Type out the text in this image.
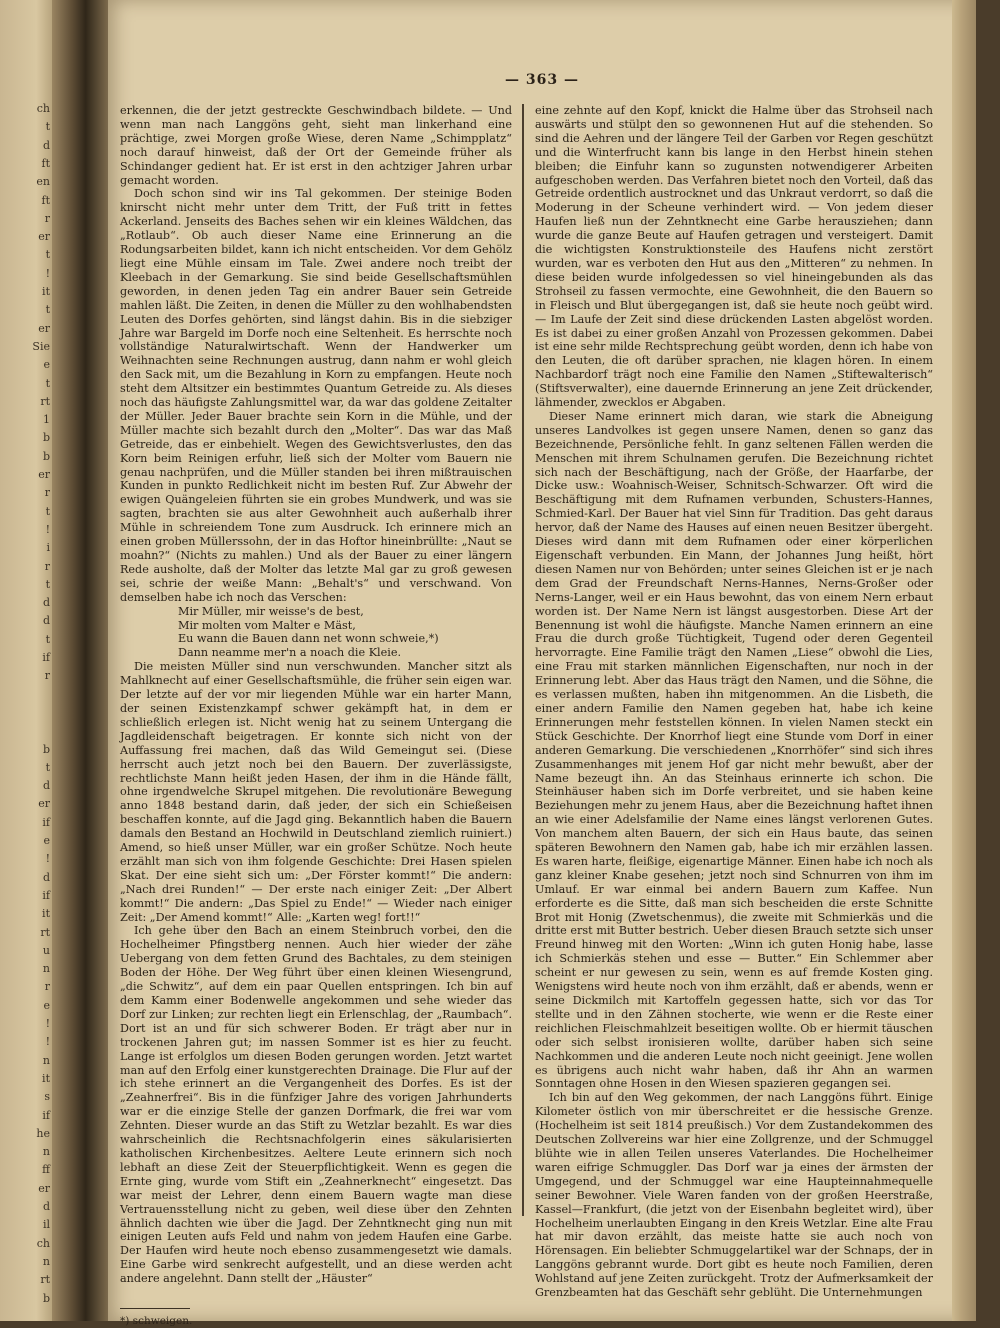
ch
t
d
ft
en
ft
r
er
t
!
it
t
er
Sie
e
t
rt
1
b
b
er
r
t
!
i
r
t
d
d
t
if
r
b
t
d
er
if
e
!
d
if
it
rt
u
n
r
e
!
!
n
it
s
if
he
n
ff
er
d
il
ch
n
rt
b
— 363 —

erkennen, die der jetzt gestreckte Geschwindbach bildete. — Und wenn man nach Langgöns geht, sieht man linkerhand eine prächtige, zwei Morgen große Wiese, deren Name „Schimpplatz“ noch darauf hinweist, daß der Ort der Gemeinde früher als Schindanger gedient hat. Er ist erst in den achtziger Jahren urbar gemacht worden.

Doch schon sind wir ins Tal gekommen. Der steinige Boden knirscht nicht mehr unter dem Tritt, der Fuß tritt in fettes Ackerland. Jenseits des Baches sehen wir ein kleines Wäldchen, das „Rotlaub“. Ob auch dieser Name eine Erinnerung an die Rodungsarbeiten bildet, kann ich nicht entscheiden. Vor dem Gehölz liegt eine Mühle einsam im Tale. Zwei andere noch treibt der Kleebach in der Gemarkung. Sie sind beide Gesellschaftsmühlen geworden, in denen jeden Tag ein andrer Bauer sein Getreide mahlen läßt. Die Zeiten, in denen die Müller zu den wohlhabendsten Leuten des Dorfes gehörten, sind längst dahin. Bis in die siebziger Jahre war Bargeld im Dorfe noch eine Seltenheit. Es herrschte noch vollständige Naturalwirtschaft. Wenn der Handwerker um Weihnachten seine Rechnungen austrug, dann nahm er wohl gleich den Sack mit, um die Bezahlung in Korn zu empfangen. Heute noch steht dem Altsitzer ein bestimmtes Quantum Getreide zu. Als dieses noch das häufigste Zahlungsmittel war, da war das goldene Zeitalter der Müller. Jeder Bauer brachte sein Korn in die Mühle, und der Müller machte sich bezahlt durch den „Molter“. Das war das Maß Getreide, das er einbehielt. Wegen des Gewichtsverlustes, den das Korn beim Reinigen erfuhr, ließ sich der Molter vom Bauern nie genau nachprüfen, und die Müller standen bei ihren mißtrauischen Kunden in punkto Redlichkeit nicht im besten Ruf. Zur Abwehr der ewigen Quängeleien führten sie ein grobes Mundwerk, und was sie sagten, brachten sie aus alter Gewohnheit auch außerhalb ihrer Mühle in schreiendem Tone zum Ausdruck. Ich erinnere mich an einen groben Müllerssohn, der in das Hoftor hineinbrüllte: „Naut se moahn?“ (Nichts zu mahlen.) Und als der Bauer zu einer längern Rede ausholte, daß der Molter das letzte Mal gar zu groß gewesen sei, schrie der weiße Mann: „Behalt's“ und verschwand. Von demselben habe ich noch das Verschen:

Mir Müller, mir weisse's de best,
Mir molten vom Malter e Mäst,
Eu wann die Bauen dann net wonn schweie,*)
Dann neamme mer'n a noach die Kleie.

Die meisten Müller sind nun verschwunden. Mancher sitzt als Mahlknecht auf einer Gesellschaftsmühle, die früher sein eigen war. Der letzte auf der vor mir liegenden Mühle war ein harter Mann, der seinen Existenzkampf schwer gekämpft hat, in dem er schließlich erlegen ist. Nicht wenig hat zu seinem Untergang die Jagdleidenschaft beigetragen. Er konnte sich nicht von der Auffassung frei machen, daß das Wild Gemeingut sei. (Diese herrscht auch jetzt noch bei den Bauern. Der zuverlässigste, rechtlichste Mann heißt jeden Hasen, der ihm in die Hände fällt, ohne irgendwelche Skrupel mitgehen. Die revolutionäre Bewegung anno 1848 bestand darin, daß jeder, der sich ein Schießeisen beschaffen konnte, auf die Jagd ging. Bekanntlich haben die Bauern damals den Bestand an Hochwild in Deutschland ziemlich ruiniert.) Amend, so hieß unser Müller, war ein großer Schütze. Noch heute erzählt man sich von ihm folgende Geschichte: Drei Hasen spielen Skat. Der eine sieht sich um: „Der Förster kommt!“ Die andern: „Nach drei Runden!“ — Der erste nach einiger Zeit: „Der Albert kommt!“ Die andern: „Das Spiel zu Ende!“ — Wieder nach einiger Zeit: „Der Amend kommt!“ Alle: „Karten weg! fort!!“

Ich gehe über den Bach an einem Steinbruch vorbei, den die Hochelheimer Pfingstberg nennen. Auch hier wieder der zähe Uebergang von dem fetten Grund des Bachtales, zu dem steinigen Boden der Höhe. Der Weg führt über einen kleinen Wiesengrund, „die Schwitz“, auf dem ein paar Quellen entspringen. Ich bin auf dem Kamm einer Bodenwelle angekommen und sehe wieder das Dorf zur Linken; zur rechten liegt ein Erlenschlag, der „Raumbach“. Dort ist an und für sich schwerer Boden. Er trägt aber nur in trockenen Jahren gut; im nassen Sommer ist es hier zu feucht. Lange ist erfolglos um diesen Boden gerungen worden. Jetzt wartet man auf den Erfolg einer kunstgerechten Drainage. Die Flur auf der ich stehe erinnert an die Vergangenheit des Dorfes. Es ist der „Zeahnerfrei“. Bis in die fünfziger Jahre des vorigen Jahrhunderts war er die einzige Stelle der ganzen Dorfmark, die frei war vom Zehnten. Dieser wurde an das Stift zu Wetzlar bezahlt. Es war dies wahrscheinlich die Rechtsnachfolgerin eines säkularisierten katholischen Kirchenbesitzes. Aeltere Leute erinnern sich noch lebhaft an diese Zeit der Steuerpflichtigkeit. Wenn es gegen die Ernte ging, wurde vom Stift ein „Zeahnerknecht“ eingesetzt. Das war meist der Lehrer, denn einem Bauern wagte man diese Vertrauensstellung nicht zu geben, weil diese über den Zehnten ähnlich dachten wie über die Jagd. Der Zehntknecht ging nun mit einigen Leuten aufs Feld und nahm von jedem Haufen eine Garbe. Der Haufen wird heute noch ebenso zusammengesetzt wie damals. Eine Garbe wird senkrecht aufgestellt, und an diese werden acht andere angelehnt. Dann stellt der „Häuster“

*) schweigen.

eine zehnte auf den Kopf, knickt die Halme über das Strohseil nach auswärts und stülpt den so gewonnenen Hut auf die stehenden. So sind die Aehren und der längere Teil der Garben vor Regen geschützt und die Winterfrucht kann bis lange in den Herbst hinein stehen bleiben; die Einfuhr kann so zugunsten notwendigerer Arbeiten aufgeschoben werden. Das Verfahren bietet noch den Vorteil, daß das Getreide ordentlich austrocknet und das Unkraut verdorrt, so daß die Moderung in der Scheune verhindert wird. — Von jedem dieser Haufen ließ nun der Zehntknecht eine Garbe herausziehen; dann wurde die ganze Beute auf Haufen getragen und versteigert. Damit die wichtigsten Konstruktionsteile des Haufens nicht zerstört wurden, war es verboten den Hut aus den „Mitteren“ zu nehmen. In diese beiden wurde infolgedessen so viel hineingebunden als das Strohseil zu fassen vermochte, eine Gewohnheit, die den Bauern so in Fleisch und Blut übergegangen ist, daß sie heute noch geübt wird. — Im Laufe der Zeit sind diese drückenden Lasten abgelöst worden. Es ist dabei zu einer großen Anzahl von Prozessen gekommen. Dabei ist eine sehr milde Rechtsprechung geübt worden, denn ich habe von den Leuten, die oft darüber sprachen, nie klagen hören. In einem Nachbardorf trägt noch eine Familie den Namen „Stiftewalterisch“ (Stiftsverwalter), eine dauernde Erinnerung an jene Zeit drückender, lähmender, zwecklos er Abgaben.

Dieser Name erinnert mich daran, wie stark die Abneigung unseres Landvolkes ist gegen unsere Namen, denen so ganz das Bezeichnende, Persönliche fehlt. In ganz seltenen Fällen werden die Menschen mit ihrem Schulnamen gerufen. Die Bezeichnung richtet sich nach der Beschäftigung, nach der Größe, der Haarfarbe, der Dicke usw.: Woahnisch-Weiser, Schnitsch-Schwarzer. Oft wird die Beschäftigung mit dem Rufnamen verbunden, Schusters-Hannes, Schmied-Karl. Der Bauer hat viel Sinn für Tradition. Das geht daraus hervor, daß der Name des Hauses auf einen neuen Besitzer übergeht. Dieses wird dann mit dem Rufnamen oder einer körperlichen Eigenschaft verbunden. Ein Mann, der Johannes Jung heißt, hört diesen Namen nur von Behörden; unter seines Gleichen ist er je nach dem Grad der Freundschaft Nerns-Hannes, Nerns-Großer oder Nerns-Langer, weil er ein Haus bewohnt, das von einem Nern erbaut worden ist. Der Name Nern ist längst ausgestorben. Diese Art der Benennung ist wohl die häufigste. Manche Namen erinnern an eine Frau die durch große Tüchtigkeit, Tugend oder deren Gegenteil hervorragte. Eine Familie trägt den Namen „Liese“ obwohl die Lies, eine Frau mit starken männlichen Eigenschaften, nur noch in der Erinnerung lebt. Aber das Haus trägt den Namen, und die Söhne, die es verlassen mußten, haben ihn mitgenommen. An die Lisbeth, die einer andern Familie den Namen gegeben hat, habe ich keine Erinnerungen mehr feststellen können. In vielen Namen steckt ein Stück Geschichte. Der Knorrhof liegt eine Stunde vom Dorf in einer anderen Gemarkung. Die verschiedenen „Knorrhöfer“ sind sich ihres Zusammenhanges mit jenem Hof gar nicht mehr bewußt, aber der Name bezeugt ihn. An das Steinhaus erinnerte ich schon. Die Steinhäuser haben sich im Dorfe verbreitet, und sie haben keine Beziehungen mehr zu jenem Haus, aber die Bezeichnung haftet ihnen an wie einer Adelsfamilie der Name eines längst verlorenen Gutes. Von manchem alten Bauern, der sich ein Haus baute, das seinen späteren Bewohnern den Namen gab, habe ich mir erzählen lassen. Es waren harte, fleißige, eigenartige Männer. Einen habe ich noch als ganz kleiner Knabe gesehen; jetzt noch sind Schnurren von ihm im Umlauf. Er war einmal bei andern Bauern zum Kaffee. Nun erforderte es die Sitte, daß man sich bescheiden die erste Schnitte Brot mit Honig (Zwetschenmus), die zweite mit Schmierkäs und die dritte erst mit Butter bestrich. Ueber diesen Brauch setzte sich unser Freund hinweg mit den Worten: „Winn ich guten Honig habe, lasse ich Schmierkäs stehen und esse — Butter.“ Ein Schlemmer aber scheint er nur gewesen zu sein, wenn es auf fremde Kosten ging. Wenigstens wird heute noch von ihm erzählt, daß er abends, wenn er seine Dickmilch mit Kartoffeln gegessen hatte, sich vor das Tor stellte und in den Zähnen stocherte, wie wenn er die Reste einer reichlichen Fleischmahlzeit beseitigen wollte. Ob er hiermit täuschen oder sich selbst ironisieren wollte, darüber haben sich seine Nachkommen und die anderen Leute noch nicht geeinigt. Jene wollen es übrigens auch nicht wahr haben, daß ihr Ahn an warmen Sonntagen ohne Hosen in den Wiesen spazieren gegangen sei.

Ich bin auf den Weg gekommen, der nach Langgöns führt. Einige Kilometer östlich von mir überschreitet er die hessische Grenze. (Hochelheim ist seit 1814 preußisch.) Vor dem Zustandekommen des Deutschen Zollvereins war hier eine Zollgrenze, und der Schmuggel blühte wie in allen Teilen unseres Vaterlandes. Die Hochelheimer waren eifrige Schmuggler. Das Dorf war ja eines der ärmsten der Umgegend, und der Schmuggel war eine Haupteinnahmequelle seiner Bewohner. Viele Waren fanden von der großen Heerstraße, Kassel—Frankfurt, (die jetzt von der Eisenbahn begleitet wird), über Hochelheim unerlaubten Eingang in den Kreis Wetzlar. Eine alte Frau hat mir davon erzählt, das meiste hatte sie auch noch von Hörensagen. Ein beliebter Schmuggelartikel war der Schnaps, der in Langgöns gebrannt wurde. Dort gibt es heute noch Familien, deren Wohlstand auf jene Zeiten zurückgeht. Trotz der Aufmerksamkeit der Grenzbeamten hat das Geschäft sehr geblüht. Die Unternehmungen
